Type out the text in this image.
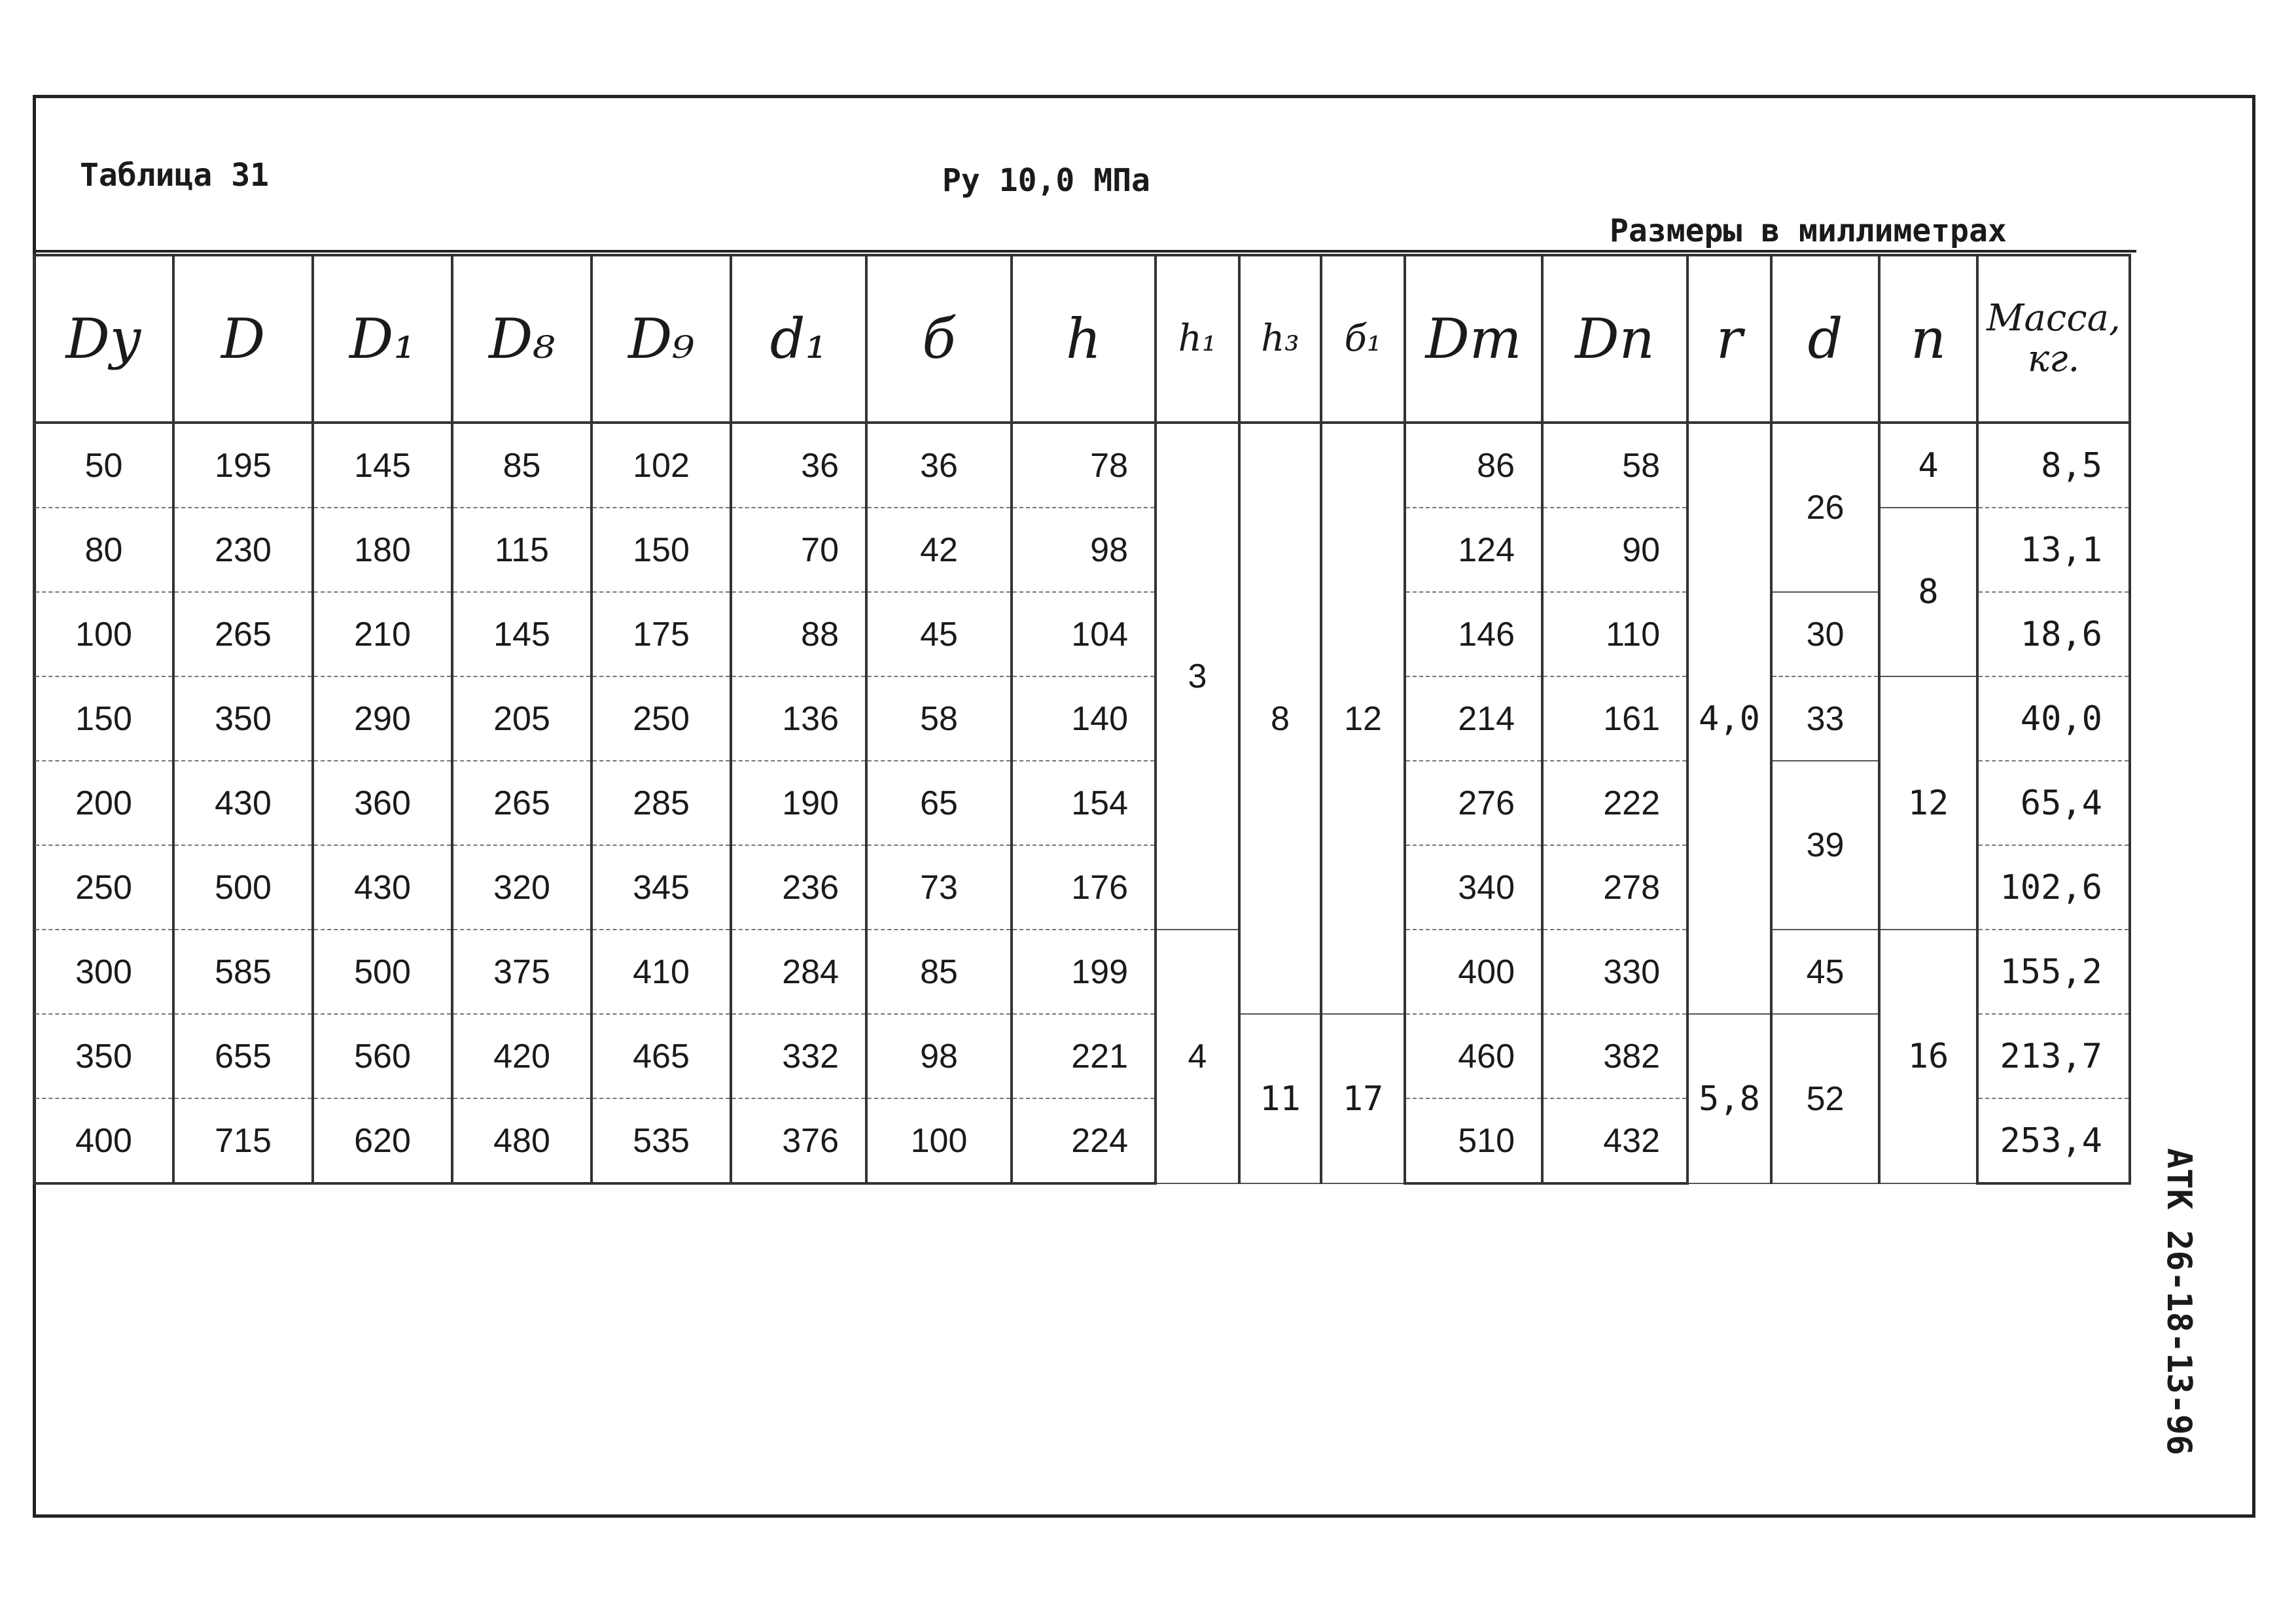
Таблица 31	Ру 10,0 МПа
Размеры в миллиметрах
АТК 26-18-13-96
Dу	D	D₁	D₈	D₉	d₁	б	h	h₁	h₃	б₁	Dm	Dn	r	d	n	Масса,
кг.

50	195	145	85	102	36	36	78	3	8	12	86	58	4,0	26	4	8,5
80	230	180	115	150	70	42	98				124	90			8	13,1
100	265	210	145	175	88	45	104				146	110		30		18,6
150	350	290	205	250	136	58	140				214	161		33	12	40,0
200	430	360	265	285	190	65	154				276	222		39		65,4
250	500	430	320	345	236	73	176				340	278				102,6
300	585	500	375	410	284	85	199	4			400	330		45	16	155,2
350	655	560	420	465	332	98	221		11	17	460	382	5,8	52		213,7
400	715	620	480	535	376	100	224				510	432				253,4
